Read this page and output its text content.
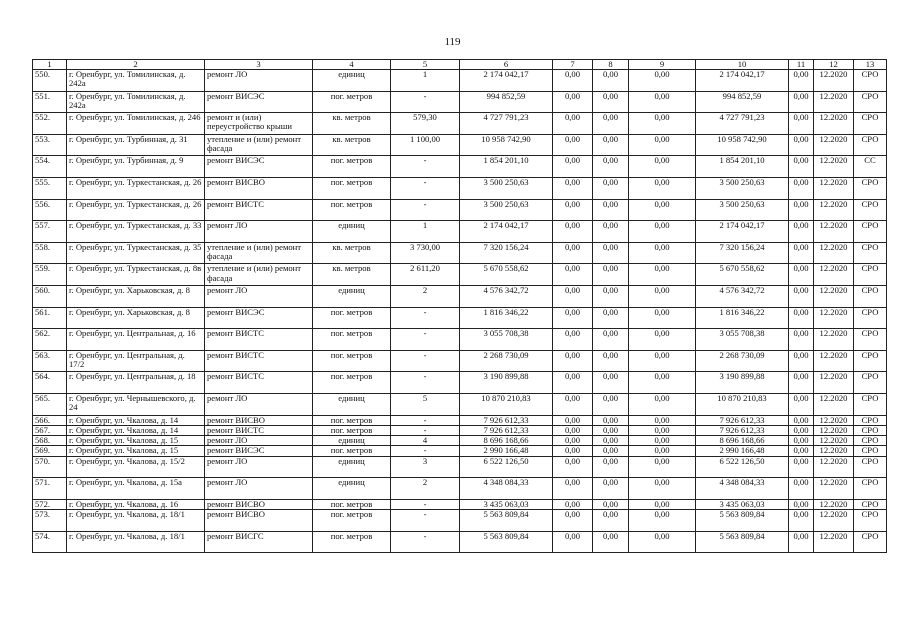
119
1	2	3	4	5	6	7	8	9	10	11	12	13
550.	г. Оренбург, ул. Томилинская, д. 242а	ремонт ЛО	единиц	1	2 174 042,17	0,00	0,00	0,00	2 174 042,17	0,00	12.2020	СРО
551.	г. Оренбург, ул. Томилинская, д. 242а	ремонт ВИСЭС	пог. метров	-	994 852,59	0,00	0,00	0,00	994 852,59	0,00	12.2020	СРО
552.	г. Оренбург, ул. Томилинская, д. 246	ремонт и (или) переустройство крыши	кв. метров	579,30	4 727 791,23	0,00	0,00	0,00	4 727 791,23	0,00	12.2020	СРО
553.	г. Оренбург, ул. Турбинная, д. 31	утепление и (или) ремонт фасада	кв. метров	1 100,00	10 958 742,90	0,00	0,00	0,00	10 958 742,90	0,00	12.2020	СРО
554.	г. Оренбург, ул. Турбинная, д. 9	ремонт ВИСЭС	пог. метров	-	1 854 201,10	0,00	0,00	0,00	1 854 201,10	0,00	12.2020	СС
555.	г. Оренбург, ул. Туркестанская, д. 26	ремонт ВИСВО	пог. метров	-	3 500 250,63	0,00	0,00	0,00	3 500 250,63	0,00	12.2020	СРО
556.	г. Оренбург, ул. Туркестанская, д. 26	ремонт ВИСТС	пог. метров	-	3 500 250,63	0,00	0,00	0,00	3 500 250,63	0,00	12.2020	СРО
557.	г. Оренбург, ул. Туркестанская, д. 33	ремонт ЛО	единиц	1	2 174 042,17	0,00	0,00	0,00	2 174 042,17	0,00	12.2020	СРО
558.	г. Оренбург, ул. Туркестанская, д. 35	утепление и (или) ремонт фасада	кв. метров	3 730,00	7 320 156,24	0,00	0,00	0,00	7 320 156,24	0,00	12.2020	СРО
559.	г. Оренбург, ул. Туркестанская, д. 8в	утепление и (или) ремонт фасада	кв. метров	2 611,20	5 670 558,62	0,00	0,00	0,00	5 670 558,62	0,00	12.2020	СРО
560.	г. Оренбург, ул. Харьковская, д. 8	ремонт ЛО	единиц	2	4 576 342,72	0,00	0,00	0,00	4 576 342,72	0,00	12.2020	СРО
561.	г. Оренбург, ул. Харьковская, д. 8	ремонт ВИСЭС	пог. метров	-	1 816 346,22	0,00	0,00	0,00	1 816 346,22	0,00	12.2020	СРО
562.	г. Оренбург, ул. Центральная, д. 16	ремонт ВИСТС	пог. метров	-	3 055 708,38	0,00	0,00	0,00	3 055 708,38	0,00	12.2020	СРО
563.	г. Оренбург, ул. Центральная, д. 17/2	ремонт ВИСТС	пог. метров	-	2 268 730,09	0,00	0,00	0,00	2 268 730,09	0,00	12.2020	СРО
564.	г. Оренбург, ул. Центральная, д. 18	ремонт ВИСТС	пог. метров	-	3 190 899,88	0,00	0,00	0,00	3 190 899,88	0,00	12.2020	СРО
565.	г. Оренбург, ул. Чернышевского, д. 24	ремонт ЛО	единиц	5	10 870 210,83	0,00	0,00	0,00	10 870 210,83	0,00	12.2020	СРО
566.	г. Оренбург, ул. Чкалова, д. 14	ремонт ВИСВО	пог. метров	-	7 926 612,33	0,00	0,00	0,00	7 926 612,33	0,00	12.2020	СРО
567.	г. Оренбург, ул. Чкалова, д. 14	ремонт ВИСТС	пог. метров	-	7 926 612,33	0,00	0,00	0,00	7 926 612,33	0,00	12.2020	СРО
568.	г. Оренбург, ул. Чкалова, д. 15	ремонт ЛО	единиц	4	8 696 168,66	0,00	0,00	0,00	8 696 168,66	0,00	12.2020	СРО
569.	г. Оренбург, ул. Чкалова, д. 15	ремонт ВИСЭС	пог. метров	-	2 990 166,48	0,00	0,00	0,00	2 990 166,48	0,00	12.2020	СРО
570.	г. Оренбург, ул. Чкалова, д. 15/2	ремонт ЛО	единиц	3	6 522 126,50	0,00	0,00	0,00	6 522 126,50	0,00	12.2020	СРО
571.	г. Оренбург, ул. Чкалова, д. 15а	ремонт ЛО	единиц	2	4 348 084,33	0,00	0,00	0,00	4 348 084,33	0,00	12.2020	СРО
572.	г. Оренбург, ул. Чкалова, д. 16	ремонт ВИСВО	пог. метров	-	3 435 063,03	0,00	0,00	0,00	3 435 063,03	0,00	12.2020	СРО
573.	г. Оренбург, ул. Чкалова, д. 18/1	ремонт ВИСВО	пог. метров	-	5 563 809,84	0,00	0,00	0,00	5 563 809,84	0,00	12.2020	СРО
574.	г. Оренбург, ул. Чкалова, д. 18/1	ремонт ВИСГС	пог. метров	-	5 563 809,84	0,00	0,00	0,00	5 563 809,84	0,00	12.2020	СРО
